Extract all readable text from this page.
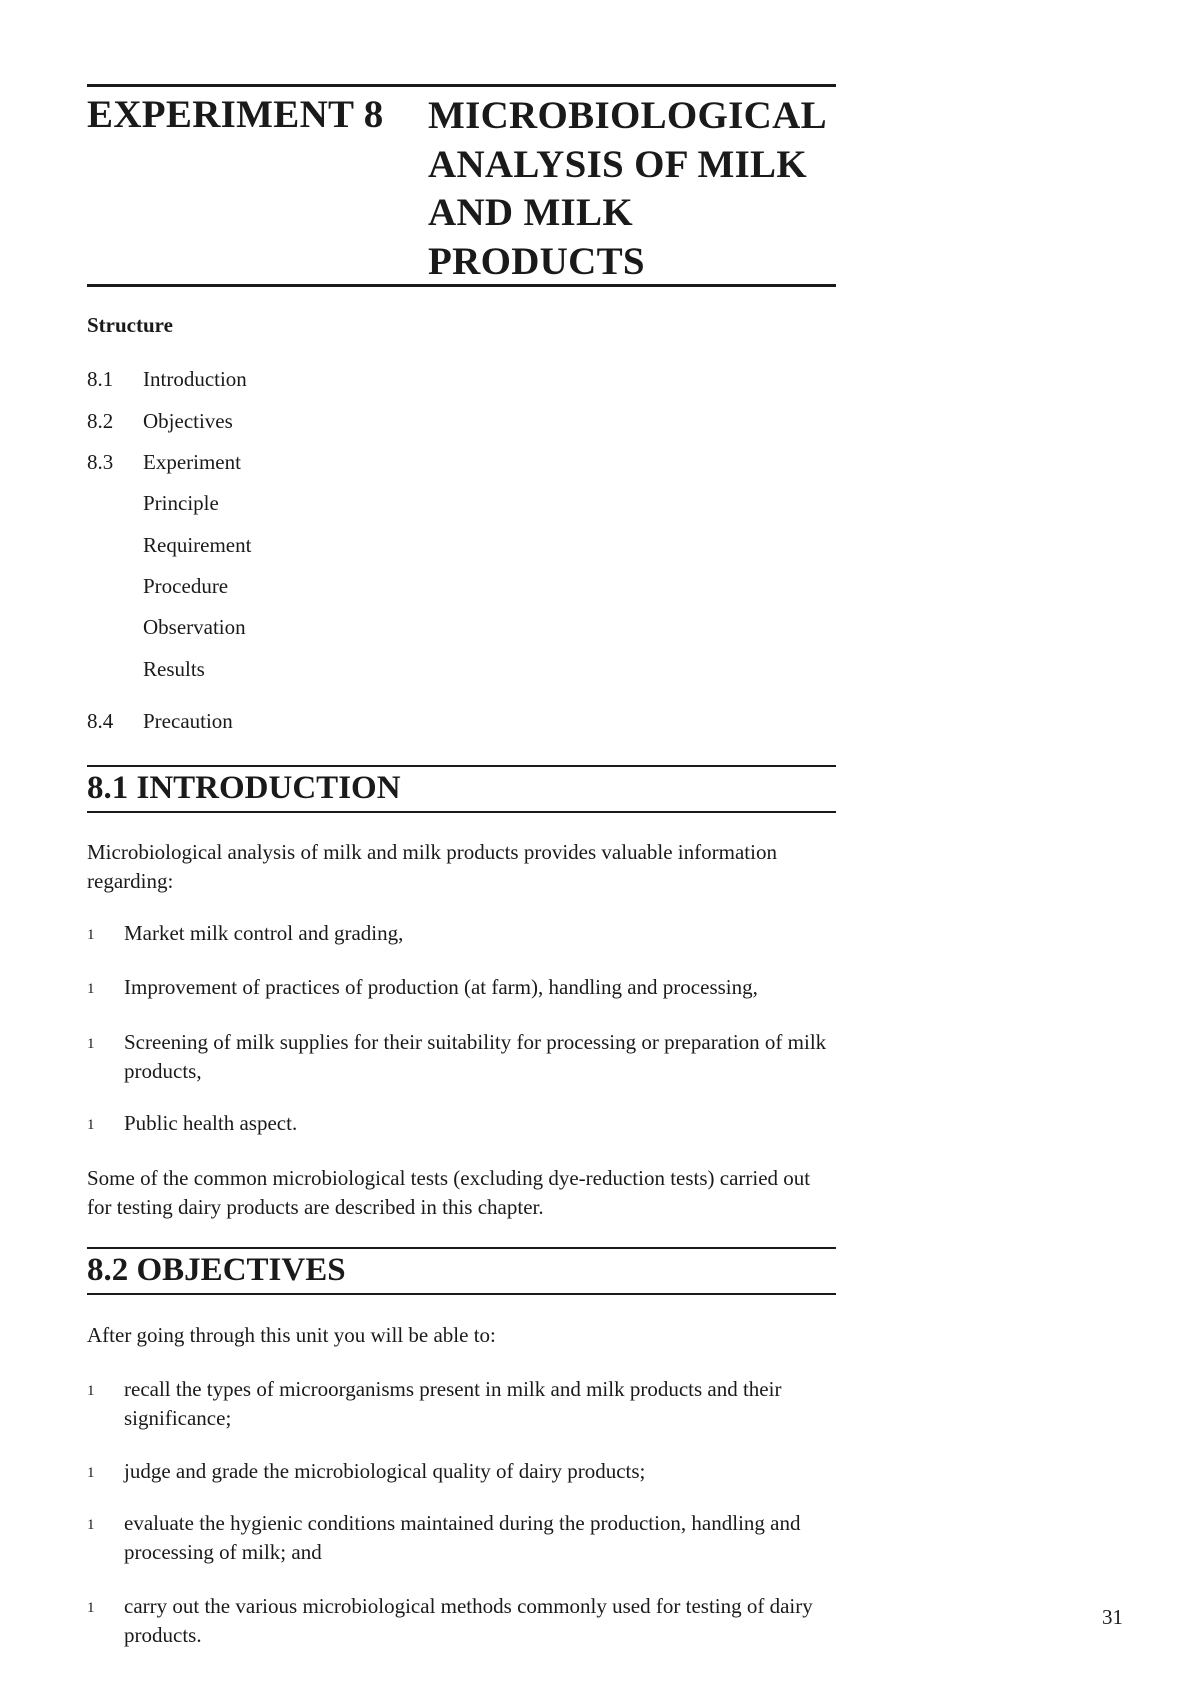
EXPERIMENT 8 MICROBIOLOGICAL
ANALYSIS OF MILK
AND MILK
PRODUCTS
Structure
8.1 Introduction
8.2 Objectives
8.3 Experiment
Principle
Requirement
Procedure
Observation
Results
8.4 Precaution
8.1 INTRODUCTION
Microbiological analysis of milk and milk products provides valuable information regarding:
1 Market milk control and grading,
1 Improvement of practices of production (at farm), handling and processing,
1 Screening of milk supplies for their suitability for processing or preparation of milk products,
1 Public health aspect.
Some of the common microbiological tests (excluding dye-reduction tests) carried out for testing dairy products are described in this chapter.
8.2 OBJECTIVES
After going through this unit you will be able to:
1 recall the types of microorganisms present in milk and milk products and their significance;
1 judge and grade the microbiological quality of dairy products;
1 evaluate the hygienic conditions maintained during the production, handling and processing of milk; and
1 carry out the various microbiological methods commonly used for testing of dairy products.
31
